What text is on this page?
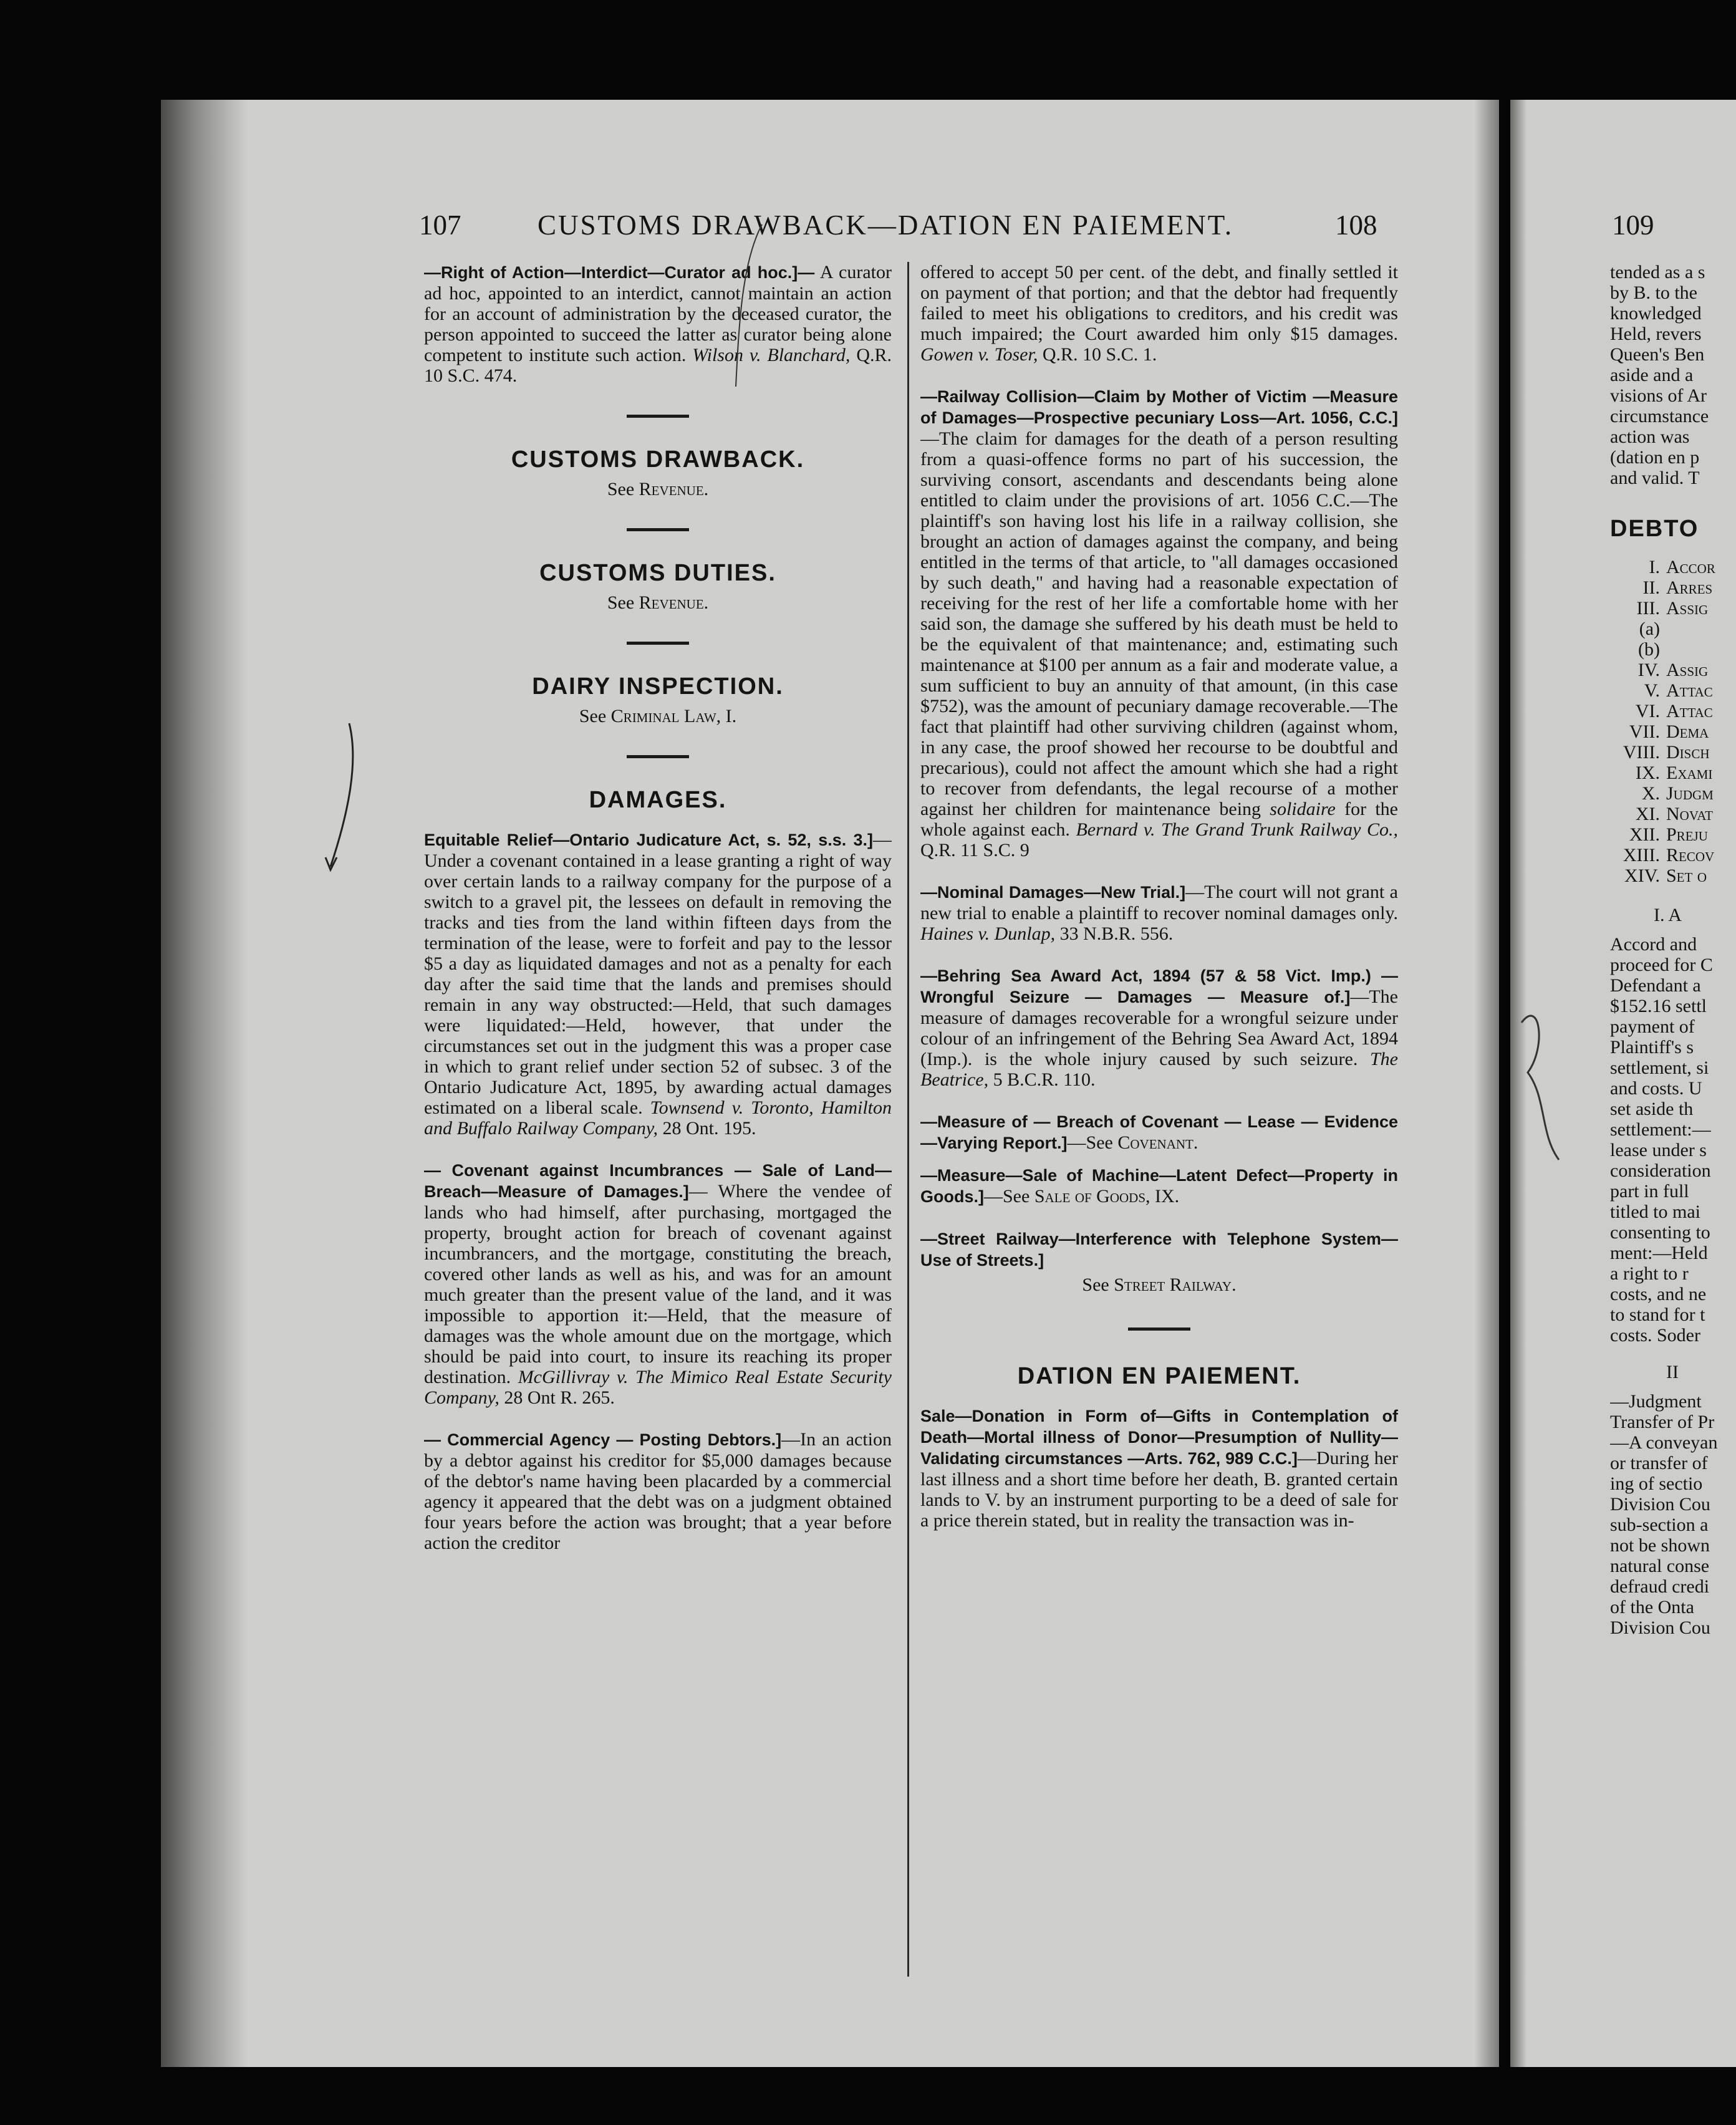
107	CUSTOMS DRAWBACK—DATION EN PAIEMENT.	108	109

—Right of Action—Interdict—Curator ad hoc.]— A curator ad hoc, appointed to an interdict, cannot maintain an action for an account of administration by the deceased curator, the person appointed to succeed the latter as curator being alone competent to institute such action. Wilson v. Blanchard, Q.R. 10 S.C. 474.

CUSTOMS DRAWBACK.

See Revenue.

CUSTOMS DUTIES.

See Revenue.

DAIRY INSPECTION.

See Criminal Law, I.

DAMAGES.

Equitable Relief—Ontario Judicature Act, s. 52, s.s. 3.]—Under a covenant contained in a lease granting a right of way over certain lands to a railway company for the purpose of a switch to a gravel pit, the lessees on default in removing the tracks and ties from the land within fifteen days from the termination of the lease, were to forfeit and pay to the lessor $5 a day as liquidated damages and not as a penalty for each day after the said time that the lands and premises should remain in any way obstructed:—Held, that such damages were liquidated:—Held, however, that under the circumstances set out in the judgment this was a proper case in which to grant relief under section 52 of subsec. 3 of the Ontario Judicature Act, 1895, by awarding actual damages estimated on a liberal scale. Townsend v. Toronto, Hamilton and Buffalo Railway Company, 28 Ont. 195.

— Covenant against Incumbrances — Sale of Land—Breach—Measure of Damages.]— Where the vendee of lands who had himself, after purchasing, mortgaged the property, brought action for breach of covenant against incumbrancers, and the mortgage, constituting the breach, covered other lands as well as his, and was for an amount much greater than the present value of the land, and it was impossible to apportion it:—Held, that the measure of damages was the whole amount due on the mortgage, which should be paid into court, to insure its reaching its proper destination. McGillivray v. The Mimico Real Estate Security Company, 28 Ont R. 265.

— Commercial Agency — Posting Debtors.]—In an action by a debtor against his creditor for $5,000 damages because of the debtor's name having been placarded by a commercial agency it appeared that the debt was on a judgment obtained four years before the action was brought; that a year before action the creditor

offered to accept 50 per cent. of the debt, and finally settled it on payment of that portion; and that the debtor had frequently failed to meet his obligations to creditors, and his credit was much impaired; the Court awarded him only $15 damages. Gowen v. Toser, Q.R. 10 S.C. 1.

—Railway Collision—Claim by Mother of Victim —Measure of Damages—Prospective pecuniary Loss—Art. 1056, C.C.]—The claim for damages for the death of a person resulting from a quasi-offence forms no part of his succession, the surviving consort, ascendants and descendants being alone entitled to claim under the provisions of art. 1056 C.C.—The plaintiff's son having lost his life in a railway collision, she brought an action of damages against the company, and being entitled in the terms of that article, to "all damages occasioned by such death," and having had a reasonable expectation of receiving for the rest of her life a comfortable home with her said son, the damage she suffered by his death must be held to be the equivalent of that maintenance; and, estimating such maintenance at $100 per annum as a fair and moderate value, a sum sufficient to buy an annuity of that amount, (in this case $752), was the amount of pecuniary damage recoverable.—The fact that plaintiff had other surviving children (against whom, in any case, the proof showed her recourse to be doubtful and precarious), could not affect the amount which she had a right to recover from defendants, the legal recourse of a mother against her children for maintenance being solidaire for the whole against each. Bernard v. The Grand Trunk Railway Co., Q.R. 11 S.C. 9

—Nominal Damages—New Trial.]—The court will not grant a new trial to enable a plaintiff to recover nominal damages only. Haines v. Dunlap, 33 N.B.R. 556.

—Behring Sea Award Act, 1894 (57 & 58 Vict. Imp.) — Wrongful Seizure — Damages — Measure of.]—The measure of damages recoverable for a wrongful seizure under colour of an infringement of the Behring Sea Award Act, 1894 (Imp.). is the whole injury caused by such seizure. The Beatrice, 5 B.C.R. 110.

—Measure of — Breach of Covenant — Lease — Evidence—Varying Report.]—See Covenant.

—Measure—Sale of Machine—Latent Defect—Property in Goods.]—See Sale of Goods, IX.

—Street Railway—Interference with Telephone System—Use of Streets.]

See Street Railway.

DATION EN PAIEMENT.

Sale—Donation in Form of—Gifts in Contemplation of Death—Mortal illness of Donor—Presumption of Nullity—Validating circumstances —Arts. 762, 989 C.C.]—During her last illness and a short time before her death, B. granted certain lands to V. by an instrument purporting to be a deed of sale for a price therein stated, but in reality the transaction was in-

tended as a s

by B. to the

knowledged

Held, revers

Queen's Ben

aside and a

visions of Ar

circumstance

action was

(dation en p

and valid. T

DEBTO

I. Accor

II. Arres

III. Assig

(a)

(b)

IV. Assig

V. Attac

VI. Attac

VII. Dema

VIII. Disch

IX. Exami

X. Judgm

XI. Novat

XII. Preju

XIII. Recov

XIV. Set o

I. A

Accord and

proceed for C

Defendant a

$152.16 settl

payment of

Plaintiff's s

settlement, si

and costs. U

set aside th

settlement:—

lease under s

consideration

part in full

titled to mai

consenting to

ment:—Held

a right to r

costs, and ne

to stand for t

costs. Soder

II

—Judgment

Transfer of Pr

—A conveyan

or transfer of

ing of sectio

Division Cou

sub-section a

not be shown

natural conse

defraud credi

of the Onta

Division Cou
